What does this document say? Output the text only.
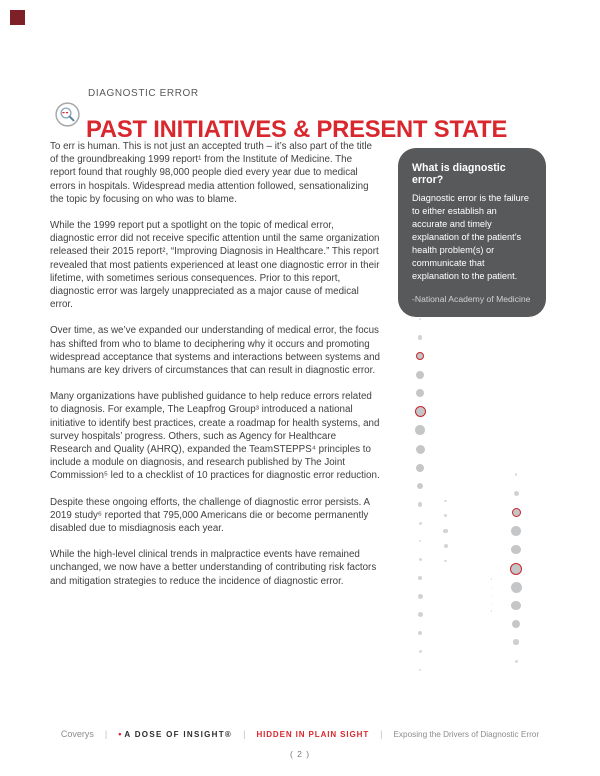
DIAGNOSTIC ERROR
PAST INITIATIVES & PRESENT STATE

To err is human. This is not just an accepted truth – it’s also part of the title of the groundbreaking 1999 report¹ from the Institute of Medicine. The report found that roughly 98,000 people died every year due to medical errors in hospitals. Widespread media attention followed, sensationalizing the topic by focusing on who was to blame.

While the 1999 report put a spotlight on the topic of medical error, diagnostic error did not receive specific attention until the same organization released their 2015 report², “Improving Diagnosis in Healthcare.” This report revealed that most patients experienced at least one diagnostic error in their lifetime, with sometimes serious consequences. Prior to this report, diagnostic error was largely unappreciated as a major cause of medical error.

Over time, as we’ve expanded our understanding of medical error, the focus has shifted from who to blame to deciphering why it occurs and promoting widespread acceptance that systems and interactions between systems and humans are key drivers of circumstances that can result in diagnostic error.

Many organizations have published guidance to help reduce errors related to diagnosis. For example, The Leapfrog Group³ introduced a national initiative to identify best practices, create a roadmap for health systems, and survey hospitals’ progress. Others, such as Agency for Healthcare Research and Quality (AHRQ), expanded the TeamSTEPPS⁴ principles to include a module on diagnosis, and research published by The Joint Commission⁵ led to a checklist of 10 practices for diagnostic error reduction.

Despite these ongoing efforts, the challenge of diagnostic error persists. A 2019 study⁶ reported that 795,000 Americans die or become permanently disabled due to misdiagnosis each year.

While the high-level clinical trends in malpractice events have remained unchanged, we now have a better understanding of contributing risk factors and mitigation strategies to reduce the incidence of diagnostic error.

What is diagnostic error?
Diagnostic error is the failure to either establish an accurate and timely explanation of the patient’s health problem(s) or communicate that explanation to the patient.
-National Academy of Medicine
Coverys | • A DOSE OF INSIGHT® | HIDDEN IN PLAIN SIGHT | Exposing the Drivers of Diagnostic Error
( 2 )
